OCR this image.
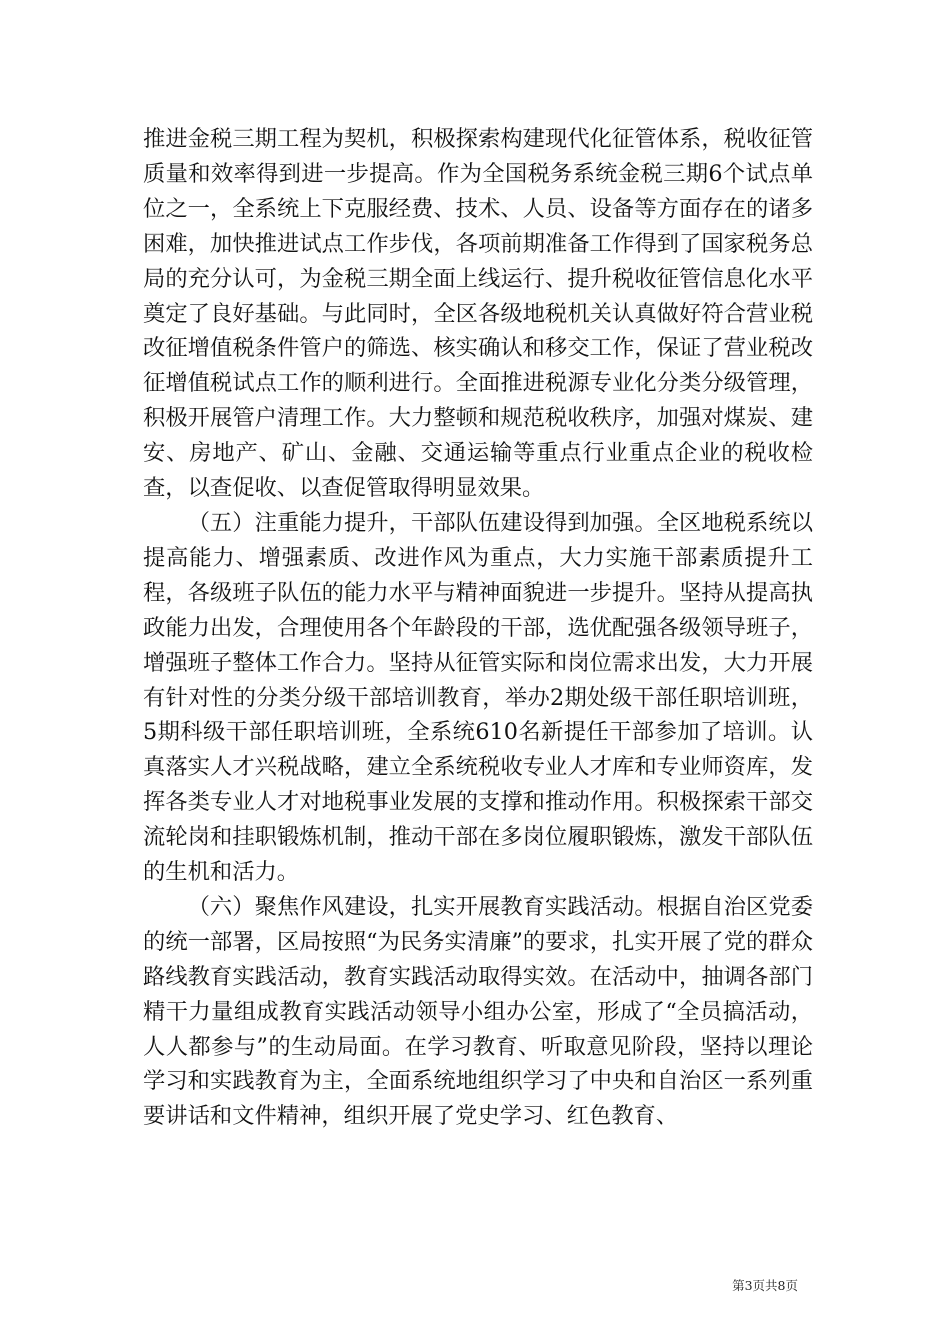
推进金税三期工程为契机，积极探索构建现代化征管体系，税收征管质量和效率得到进一步提高。作为全国税务系统金税三期6个试点单位之一，全系统上下克服经费、技术、人员、设备等方面存在的诸多困难，加快推进试点工作步伐，各项前期准备工作得到了国家税务总局的充分认可，为金税三期全面上线运行、提升税收征管信息化水平奠定了良好基础。与此同时，全区各级地税机关认真做好符合营业税改征增值税条件管户的筛选、核实确认和移交工作，保证了营业税改征增值税试点工作的顺利进行。全面推进税源专业化分类分级管理，积极开展管户清理工作。大力整顿和规范税收秩序，加强对煤炭、建安、房地产、矿山、金融、交通运输等重点行业重点企业的税收检查，以查促收、以查促管取得明显效果。

（五）注重能力提升，干部队伍建设得到加强。全区地税系统以提高能力、增强素质、改进作风为重点，大力实施干部素质提升工程，各级班子队伍的能力水平与精神面貌进一步提升。坚持从提高执政能力出发，合理使用各个年龄段的干部，选优配强各级领导班子，增强班子整体工作合力。坚持从征管实际和岗位需求出发，大力开展有针对性的分类分级干部培训教育，举办2期处级干部任职培训班，5期科级干部任职培训班，全系统610名新提任干部参加了培训。认真落实人才兴税战略，建立全系统税收专业人才库和专业师资库，发挥各类专业人才对地税事业发展的支撑和推动作用。积极探索干部交流轮岗和挂职锻炼机制，推动干部在多岗位履职锻炼，激发干部队伍的生机和活力。

（六）聚焦作风建设，扎实开展教育实践活动。根据自治区党委的统一部署，区局按照“为民务实清廉”的要求，扎实开展了党的群众路线教育实践活动，教育实践活动取得实效。在活动中，抽调各部门精干力量组成教育实践活动领导小组办公室，形成了“全员搞活动，人人都参与”的生动局面。在学习教育、听取意见阶段，坚持以理论学习和实践教育为主，全面系统地组织学习了中央和自治区一系列重要讲话和文件精神，组织开展了党史学习、红色教育、

第3页共8页
